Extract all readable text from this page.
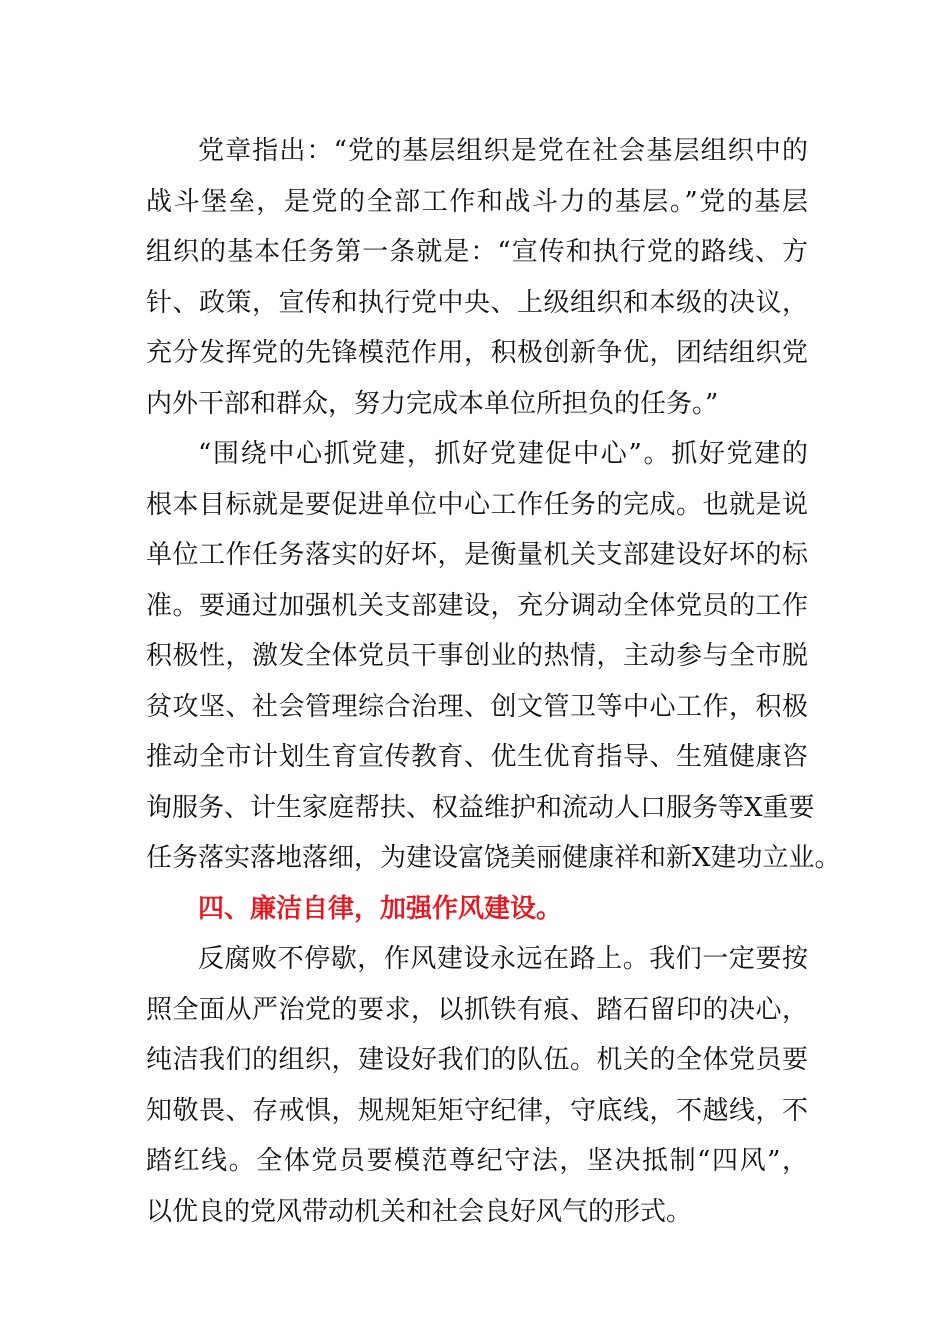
党章指出：“党的基层组织是党在社会基层组织中的
战斗堡垒，是党的全部工作和战斗力的基层。”党的基层
组织的基本任务第一条就是：“宣传和执行党的路线、方
针、政策，宣传和执行党中央、上级组织和本级的决议，
充分发挥党的先锋模范作用，积极创新争优，团结组织党
内外干部和群众，努力完成本单位所担负的任务。”
“围绕中心抓党建，抓好党建促中心”。抓好党建的
根本目标就是要促进单位中心工作任务的完成。也就是说
单位工作任务落实的好坏，是衡量机关支部建设好坏的标
准。要通过加强机关支部建设，充分调动全体党员的工作
积极性，激发全体党员干事创业的热情，主动参与全市脱
贫攻坚、社会管理综合治理、创文管卫等中心工作，积极
推动全市计划生育宣传教育、优生优育指导、生殖健康咨
询服务、计生家庭帮扶、权益维护和流动人口服务等X重要
任务落实落地落细，为建设富饶美丽健康祥和新X建功立业。
四、廉洁自律，加强作风建设。
反腐败不停歇，作风建设永远在路上。我们一定要按
照全面从严治党的要求，以抓铁有痕、踏石留印的决心，
纯洁我们的组织，建设好我们的队伍。机关的全体党员要
知敬畏、存戒惧，规规矩矩守纪律，守底线，不越线，不
踏红线。全体党员要模范尊纪守法，坚决抵制“四风”，
以优良的党风带动机关和社会良好风气的形式。
